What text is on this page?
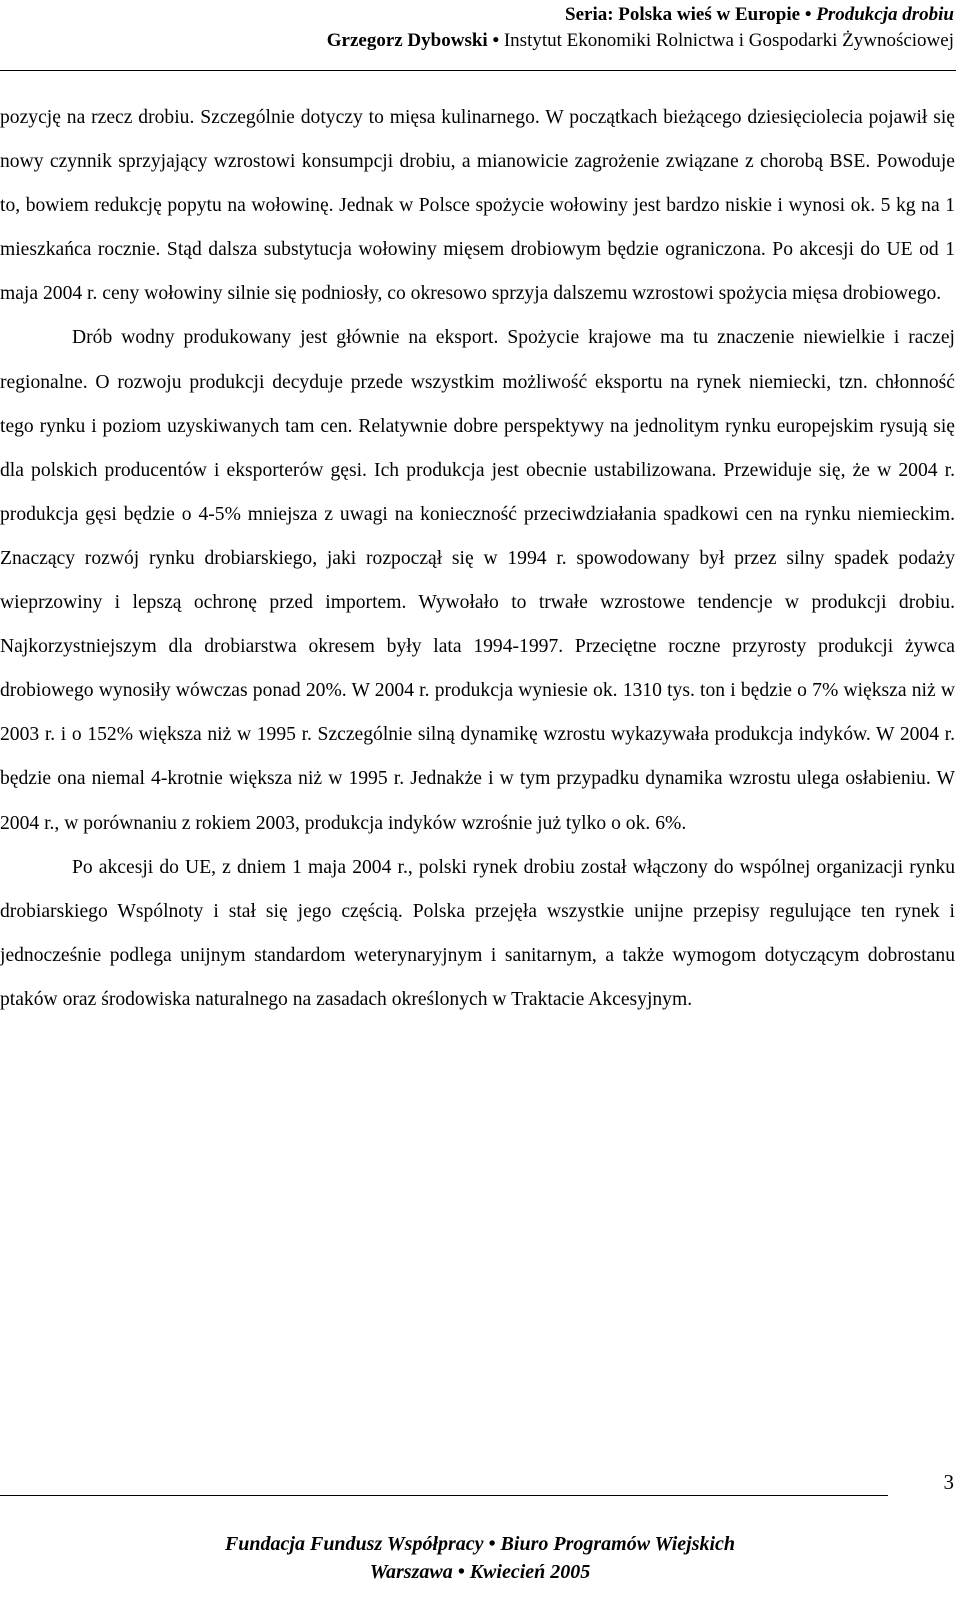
Seria: Polska wieś w Europie • Produkcja drobiu
Grzegorz Dybowski • Instytut Ekonomiki Rolnictwa i Gospodarki Żywnościowej

pozycję na rzecz drobiu. Szczególnie dotyczy to mięsa kulinarnego. W początkach bieżącego dziesięciolecia pojawił się nowy czynnik sprzyjający wzrostowi konsumpcji drobiu, a mianowicie zagrożenie związane z chorobą BSE. Powoduje to, bowiem redukcję popytu na wołowinę. Jednak w Polsce spożycie wołowiny jest bardzo niskie i wynosi ok. 5 kg na 1 mieszkańca rocznie. Stąd dalsza substytucja wołowiny mięsem drobiowym będzie ograniczona. Po akcesji do UE od 1 maja 2004 r. ceny wołowiny silnie się podniosły, co okresowo sprzyja dalszemu wzrostowi spożycia mięsa drobiowego.

Drób wodny produkowany jest głównie na eksport. Spożycie krajowe ma tu znaczenie niewielkie i raczej regionalne. O rozwoju produkcji decyduje przede wszystkim możliwość eksportu na rynek niemiecki, tzn. chłonność tego rynku i poziom uzyskiwanych tam cen. Relatywnie dobre perspektywy na jednolitym rynku europejskim rysują się dla polskich producentów i eksporterów gęsi. Ich produkcja jest obecnie ustabilizowana. Przewiduje się, że w 2004 r. produkcja gęsi będzie o 4-5% mniejsza z uwagi na konieczność przeciwdziałania spadkowi cen na rynku niemieckim. Znaczący rozwój rynku drobiarskiego, jaki rozpoczął się w 1994 r. spowodowany był przez silny spadek podaży wieprzowiny i lepszą ochronę przed importem. Wywołało to trwałe wzrostowe tendencje w produkcji drobiu. Najkorzystniejszym dla drobiarstwa okresem były lata 1994-1997. Przeciętne roczne przyrosty produkcji żywca drobiowego wynosiły wówczas ponad 20%. W 2004 r. produkcja wyniesie ok. 1310 tys. ton i będzie o 7% większa niż w 2003 r. i o 152% większa niż w 1995 r. Szczególnie silną dynamikę wzrostu wykazywała produkcja indyków. W 2004 r. będzie ona niemal 4-krotnie większa niż w 1995 r. Jednakże i w tym przypadku dynamika wzrostu ulega osłabieniu. W 2004 r., w porównaniu z rokiem 2003, produkcja indyków wzrośnie już tylko o ok. 6%.

Po akcesji do UE, z dniem 1 maja 2004 r., polski rynek drobiu został włączony do wspólnej organizacji rynku drobiarskiego Wspólnoty i stał się jego częścią. Polska przejęła wszystkie unijne przepisy regulujące ten rynek i jednocześnie podlega unijnym standardom weterynaryjnym i sanitarnym, a także wymogom dotyczącym dobrostanu ptaków oraz środowiska naturalnego na zasadach określonych w Traktacie Akcesyjnym.

3
Fundacja Fundusz Współpracy • Biuro Programów Wiejskich
Warszawa • Kwiecień 2005
